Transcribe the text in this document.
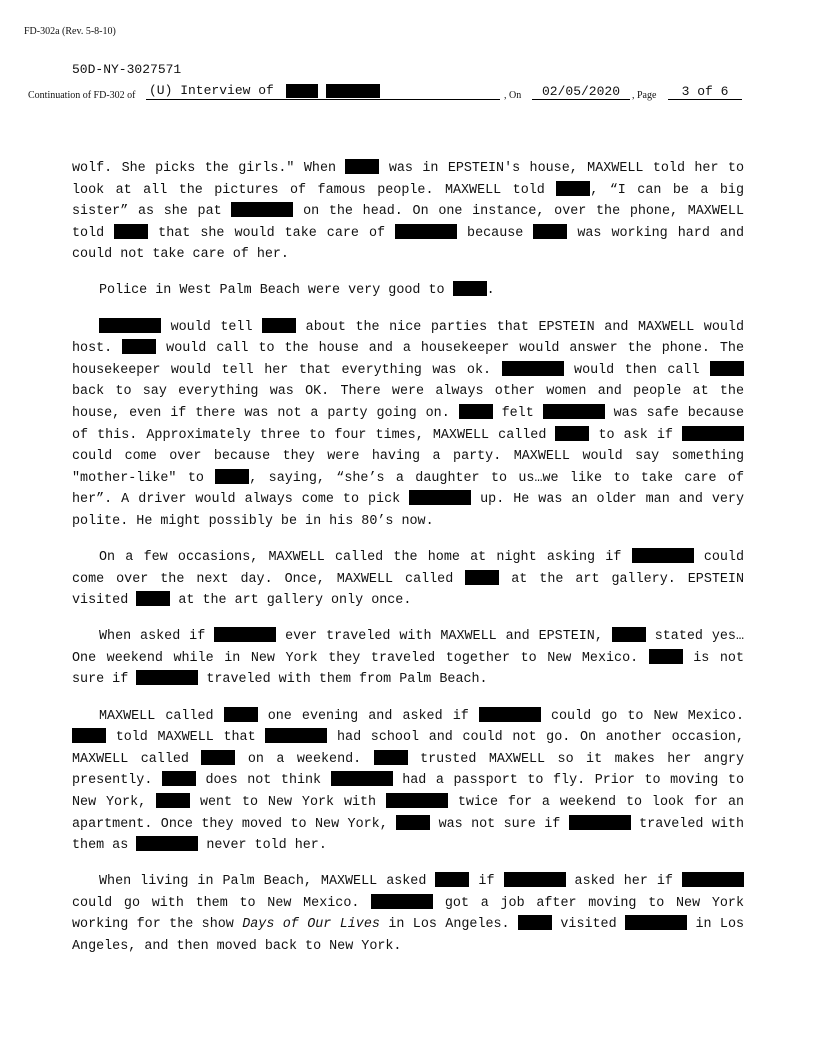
FD-302a (Rev. 5-8-10)
50D-NY-3027571
Continuation of FD-302 of (U) Interview of	, On	02/05/2020	, Page	3 of 6

wolf. She picks the girls." When	was in EPSTEIN's house, MAXWELL told her to look at all the pictures of famous people. MAXWELL told	, “I can be a big sister” as she pat	on the head. On one instance, over the phone, MAXWELL told	that she would take care of	because	was working hard and could not take care of her.

Police in West Palm Beach were very good to	.

would tell	about the nice parties that EPSTEIN and MAXWELL would host.	would call to the house and a housekeeper would answer the phone. The housekeeper would tell her that everything was ok.	would then call  back to say everything was OK. There were always other women and people at the house, even if there was not a party going on.	felt	was safe because of this. Approximately three to four times, MAXWELL called	to ask if  could come over because they were having a party. MAXWELL would say something "mother-like" to	, saying, “she’s a daughter to us…we like to take care of her”. A driver would always come to pick	up. He was an older man and very polite. He might possibly be in his 80’s now.

On a few occasions, MAXWELL called the home at night asking if	could come over the next day. Once, MAXWELL called	at the art gallery. EPSTEIN visited	at the art gallery only once.

When asked if	ever traveled with MAXWELL and EPSTEIN,	stated yes…One weekend while in New York they traveled together to New Mexico.	is not sure if	traveled with them from Palm Beach.

MAXWELL called	one evening and asked if	could go to New Mexico.  told MAXWELL that	had school and could not go. On another occasion, MAXWELL called	on a weekend.	trusted MAXWELL so it makes her angry presently.	does not think	had a passport to fly. Prior to moving to New York,	went to New York with	twice for a weekend to look for an apartment. Once they moved to New York,	was not sure if	traveled with them as	never told her.

When living in Palm Beach, MAXWELL asked	if	asked her if  could go with them to New Mexico.	got a job after moving to New York working for the show Days of Our Lives in Los Angeles.	visited	in Los Angeles, and then moved back to New York.
